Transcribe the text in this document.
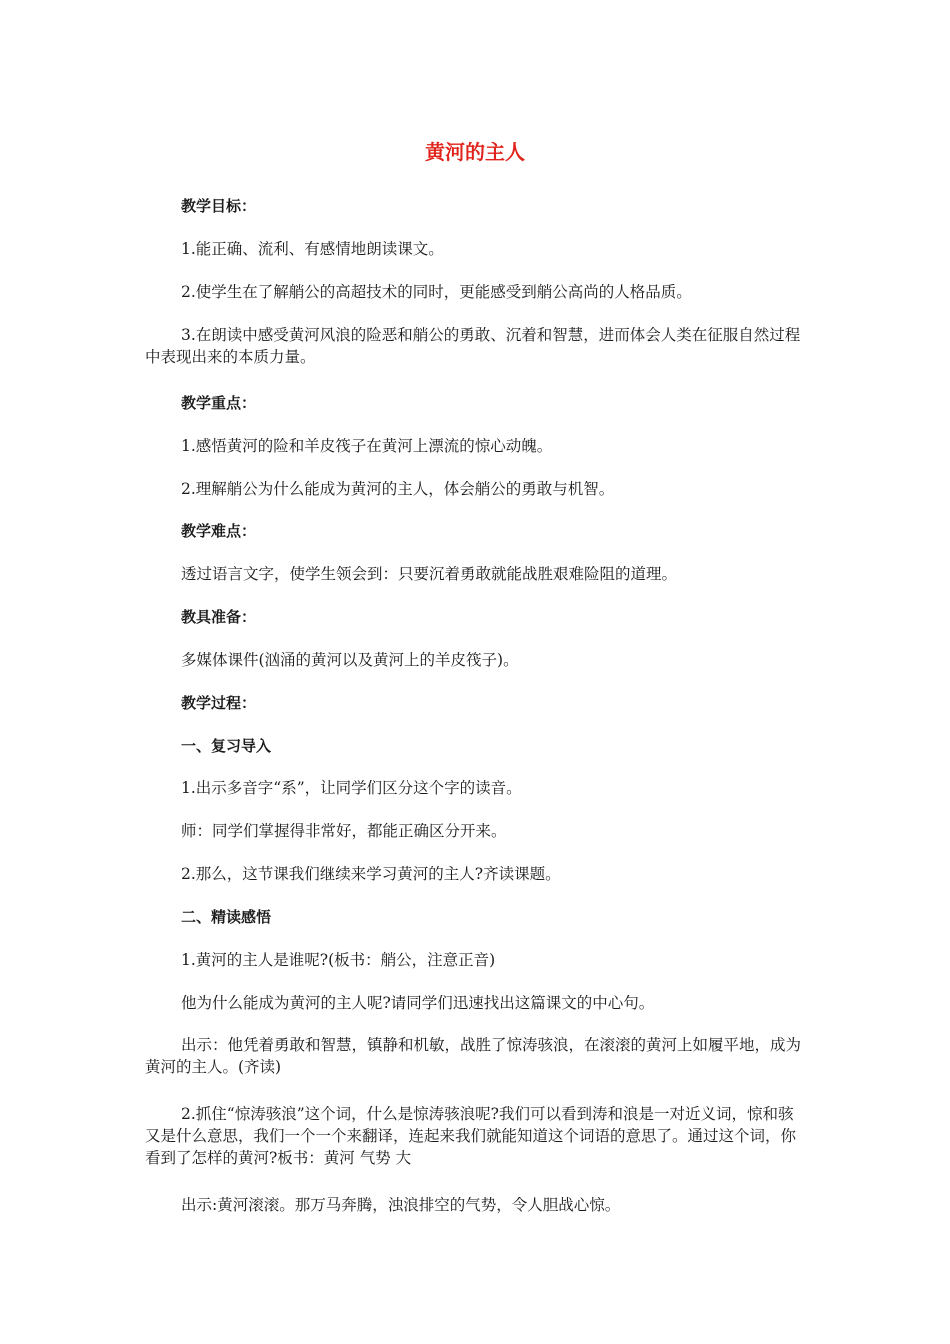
黄河的主人

教学目标：

1.能正确、流利、有感情地朗读课文。

2.使学生在了解艄公的高超技术的同时，更能感受到艄公高尚的人格品质。

3.在朗读中感受黄河风浪的险恶和艄公的勇敢、沉着和智慧，进而体会人类在征服自然过程中表现出来的本质力量。

教学重点：

1.感悟黄河的险和羊皮筏子在黄河上漂流的惊心动魄。

2.理解艄公为什么能成为黄河的主人，体会艄公的勇敢与机智。

教学难点：

透过语言文字，使学生领会到：只要沉着勇敢就能战胜艰难险阻的道理。

教具准备：

多媒体课件(汹涌的黄河以及黄河上的羊皮筏子)。

教学过程：

一、复习导入

1.出示多音字“系”，让同学们区分这个字的读音。

师：同学们掌握得非常好，都能正确区分开来。

2.那么，这节课我们继续来学习黄河的主人?齐读课题。

二、精读感悟

1.黄河的主人是谁呢?(板书：艄公，注意正音)

他为什么能成为黄河的主人呢?请同学们迅速找出这篇课文的中心句。

出示：他凭着勇敢和智慧，镇静和机敏，战胜了惊涛骇浪，在滚滚的黄河上如履平地，成为黄河的主人。(齐读)

2.抓住“惊涛骇浪”这个词，什么是惊涛骇浪呢?我们可以看到涛和浪是一对近义词，惊和骇又是什么意思，我们一个一个来翻译，连起来我们就能知道这个词语的意思了。通过这个词，你看到了怎样的黄河?板书：黄河 气势 大

出示:黄河滚滚。那万马奔腾，浊浪排空的气势，令人胆战心惊。
